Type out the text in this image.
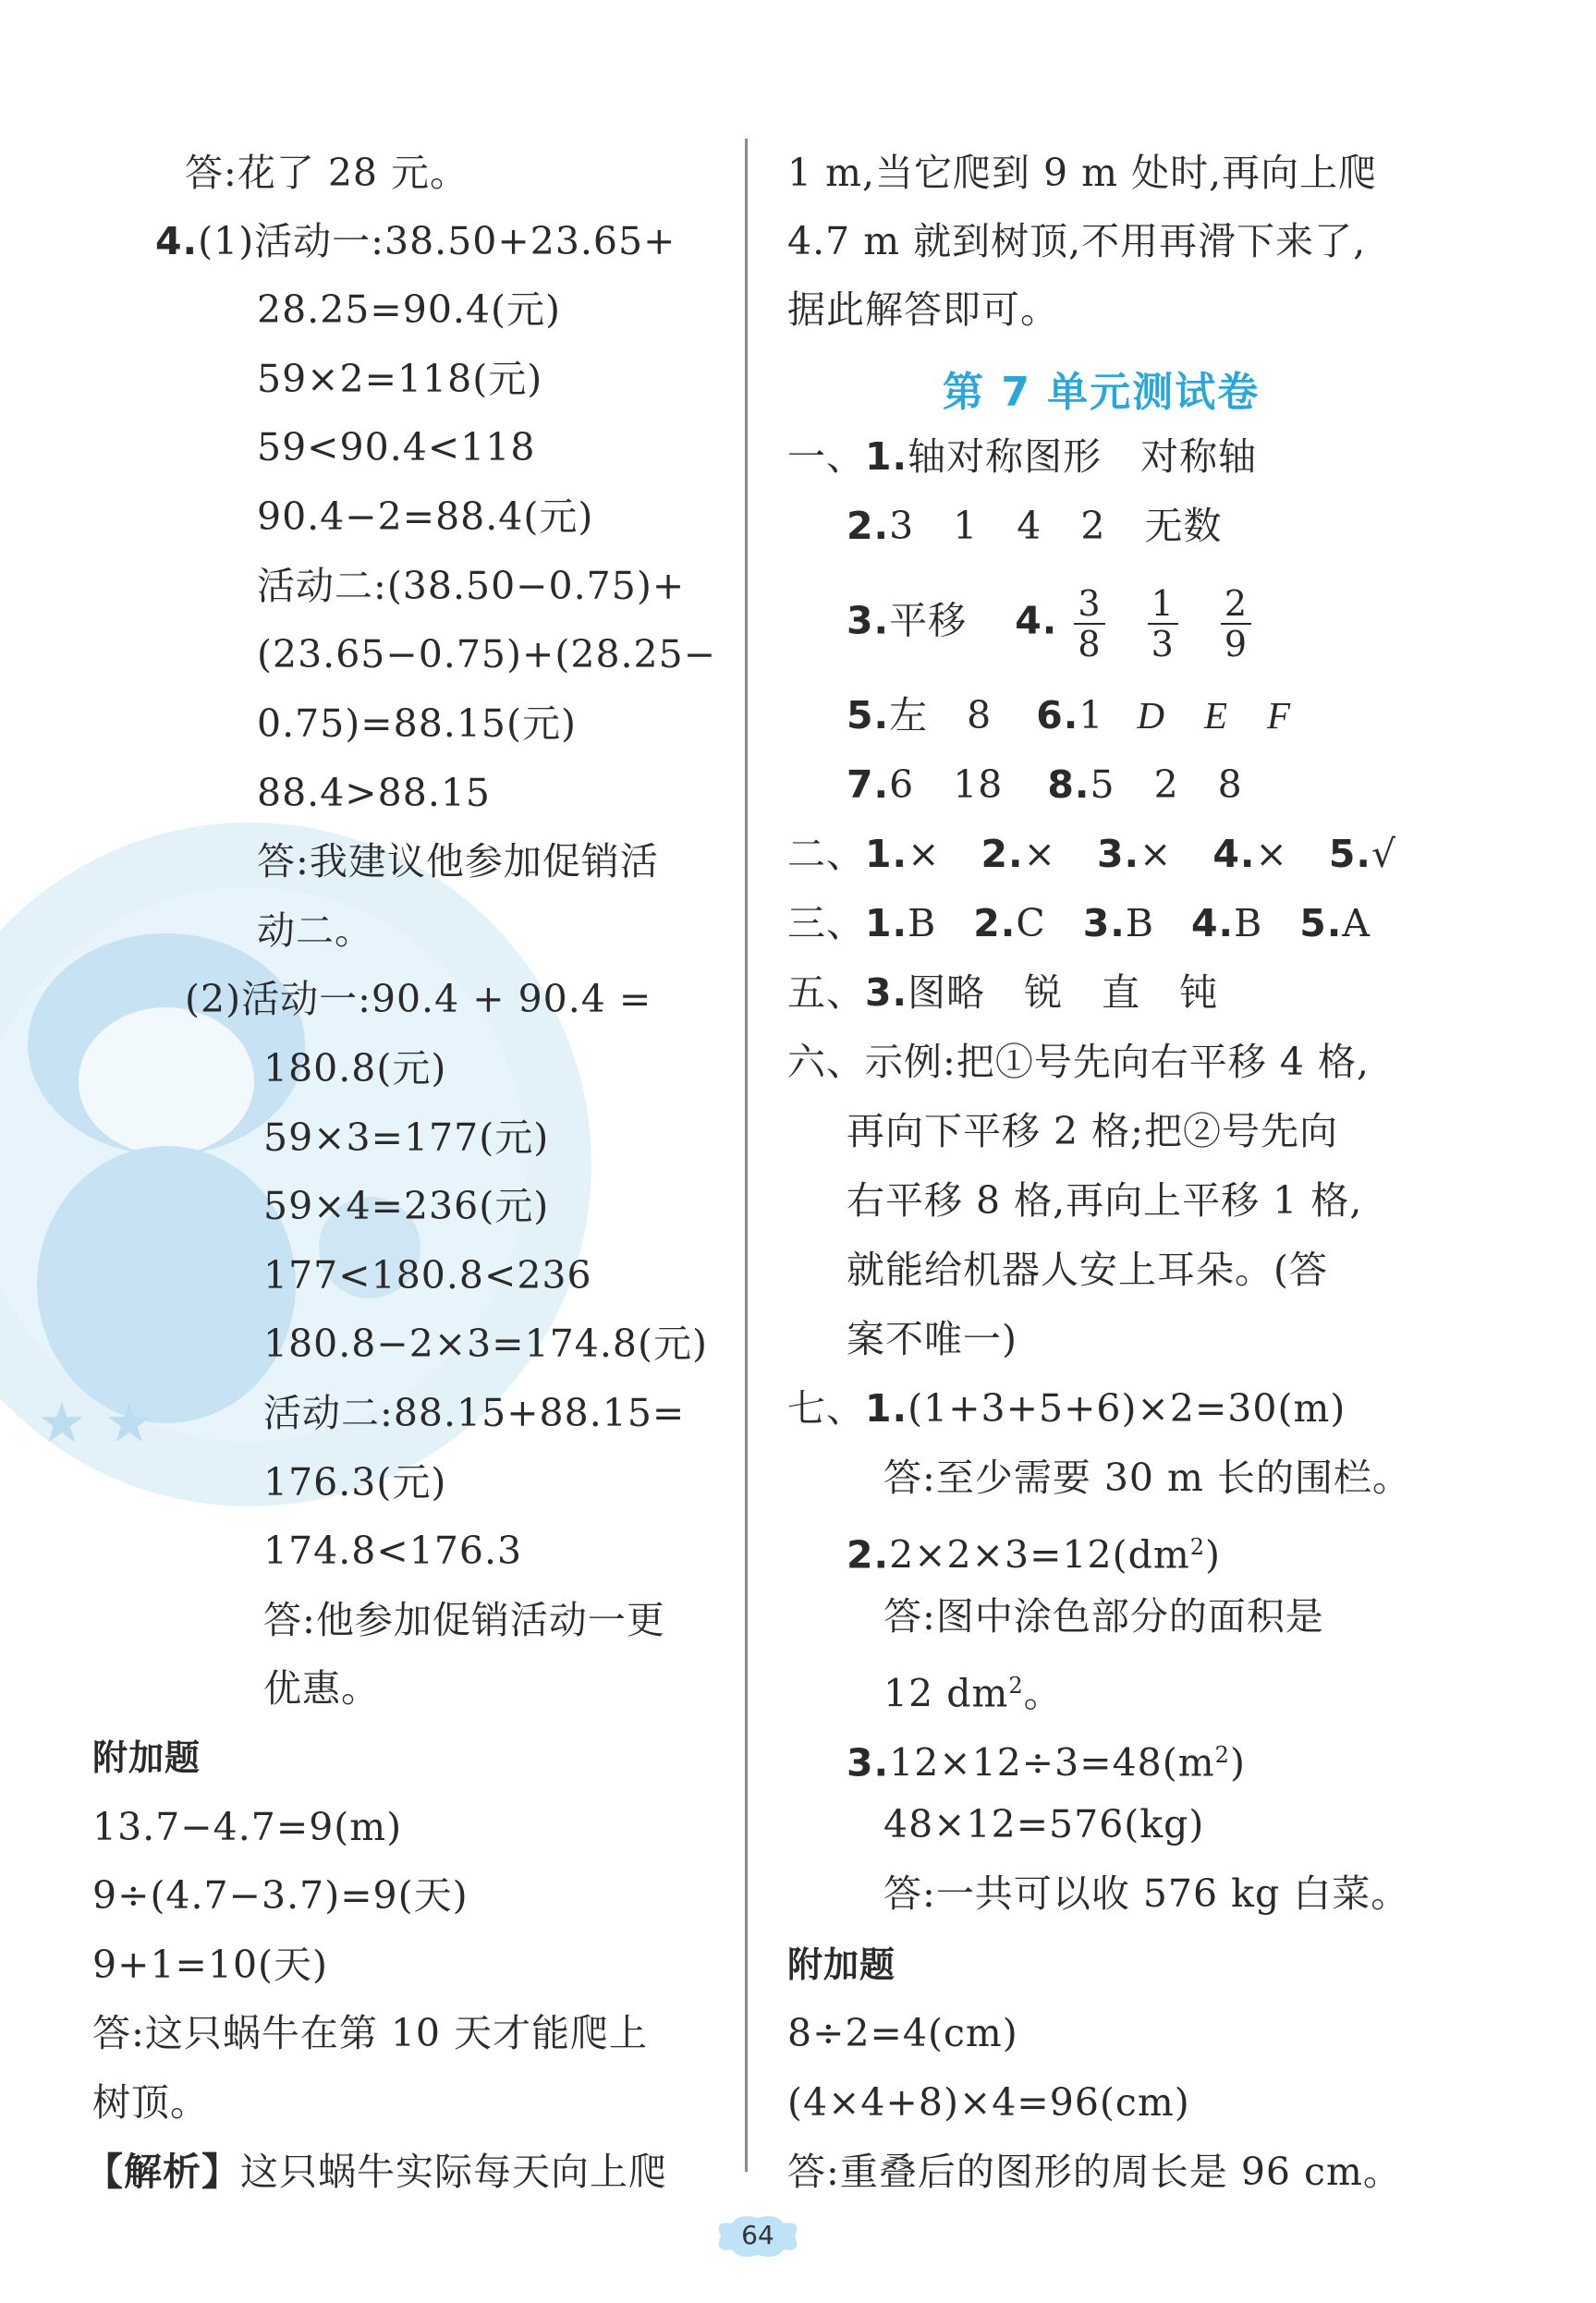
★ ★
答:花了 28 元。
4.(1)活动一:38.50+23.65+
28.25=90.4(元)
59×2=118(元)
59<90.4<118
90.4−2=88.4(元)
活动二:(38.50−0.75)+
(23.65−0.75)+(28.25−
0.75)=88.15(元)
88.4>88.15
答:我建议他参加促销活
动二。
(2)活动一:90.4 + 90.4 =
180.8(元)
59×3=177(元)
59×4=236(元)
177<180.8<236
180.8−2×3=174.8(元)
活动二:88.15+88.15=
176.3(元)
174.8<176.3
答:他参加促销活动一更
优惠。
附加题
13.7−4.7=9(m)
9÷(4.7−3.7)=9(天)
9+1=10(天)
答:这只蜗牛在第 10 天才能爬上
树顶。
【解析】这只蜗牛实际每天向上爬
1 m,当它爬到 9 m 处时,再向上爬
4.7 m 就到树顶,不用再滑下来了,
据此解答即可。
第 7 单元测试卷
一、1.轴对称图形　对称轴
2.3　1　4　2　无数
3.平移 4. $\frac{3}{8}$
$\frac{1}{3}$
$\frac{2}{9}$
5.左　8 6.1 D　E　F
7.6　18 8.5　2　8
二、1.× 2.× 3.× 4.× 5.√
三、1.B 2.C 3.B 4.B 5.A
五、3.图略　锐　直　钝
六、示例:把①号先向右平移 4 格,
再向下平移 2 格;把②号先向
右平移 8 格,再向上平移 1 格,
就能给机器人安上耳朵。(答
案不唯一)
七、1.(1+3+5+6)×2=30(m)
答:至少需要 30 m 长的围栏。
$2.2\times 2\times 3=12(dm^2)$
答:图中涂色部分的面积是
12 $dm^2$。
$3.12\times 12\div 3=48(m^2)$
48×12=576(kg)
答:一共可以收 576 kg 白菜。
附加题
8÷2=4(cm)
(4×4+8)×4=96(cm)
答:重叠后的图形的周长是 96 cm。
64
